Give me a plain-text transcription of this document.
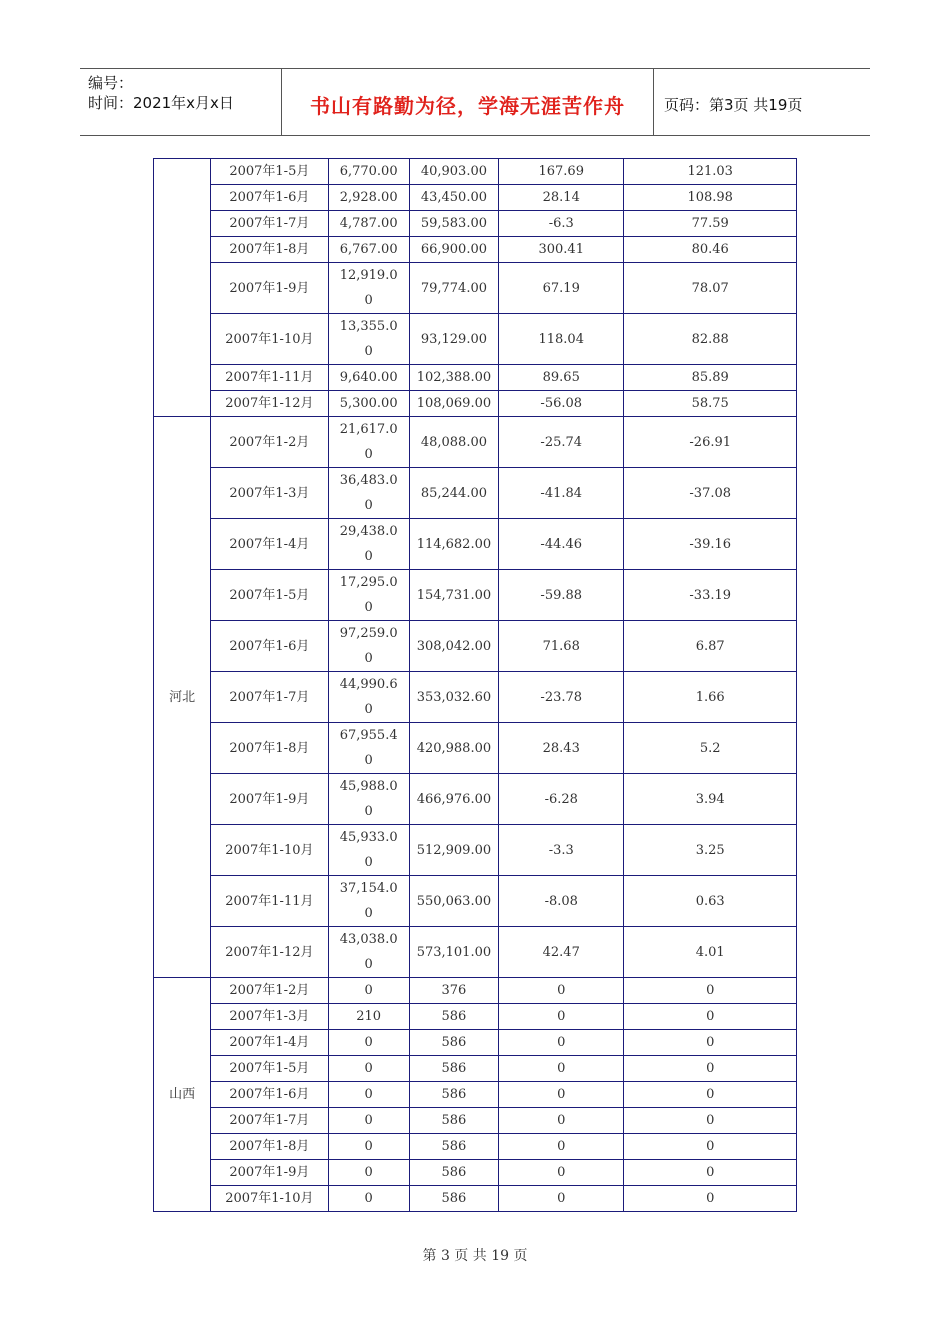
编号：
时间：2021年x月x日	书山有路勤为径，学海无涯苦作舟	页码：第3页 共19页
	2007年1-5月	6,770.00	40,903.00	167.69	121.03
	2007年1-6月	2,928.00	43,450.00	28.14	108.98
	2007年1-7月	4,787.00	59,583.00	-6.3	77.59
	2007年1-8月	6,767.00	66,900.00	300.41	80.46
	2007年1-9月	12,919.00	79,774.00	67.19	78.07
	2007年1-10月	13,355.00	93,129.00	118.04	82.88
	2007年1-11月	9,640.00	102,388.00	89.65	85.89
	2007年1-12月	5,300.00	108,069.00	-56.08	58.75
河北	2007年1-2月	21,617.00	48,088.00	-25.74	-26.91
	2007年1-3月	36,483.00	85,244.00	-41.84	-37.08
	2007年1-4月	29,438.00	114,682.00	-44.46	-39.16
	2007年1-5月	17,295.00	154,731.00	-59.88	-33.19
	2007年1-6月	97,259.00	308,042.00	71.68	6.87
	2007年1-7月	44,990.60	353,032.60	-23.78	1.66
	2007年1-8月	67,955.40	420,988.00	28.43	5.2
	2007年1-9月	45,988.00	466,976.00	-6.28	3.94
	2007年1-10月	45,933.00	512,909.00	-3.3	3.25
	2007年1-11月	37,154.00	550,063.00	-8.08	0.63
	2007年1-12月	43,038.00	573,101.00	42.47	4.01
山西	2007年1-2月	0	376	0	0
	2007年1-3月	210	586	0	0
	2007年1-4月	0	586	0	0
	2007年1-5月	0	586	0	0
	2007年1-6月	0	586	0	0
	2007年1-7月	0	586	0	0
	2007年1-8月	0	586	0	0
	2007年1-9月	0	586	0	0
	2007年1-10月	0	586	0	0
第 3 页 共 19 页
